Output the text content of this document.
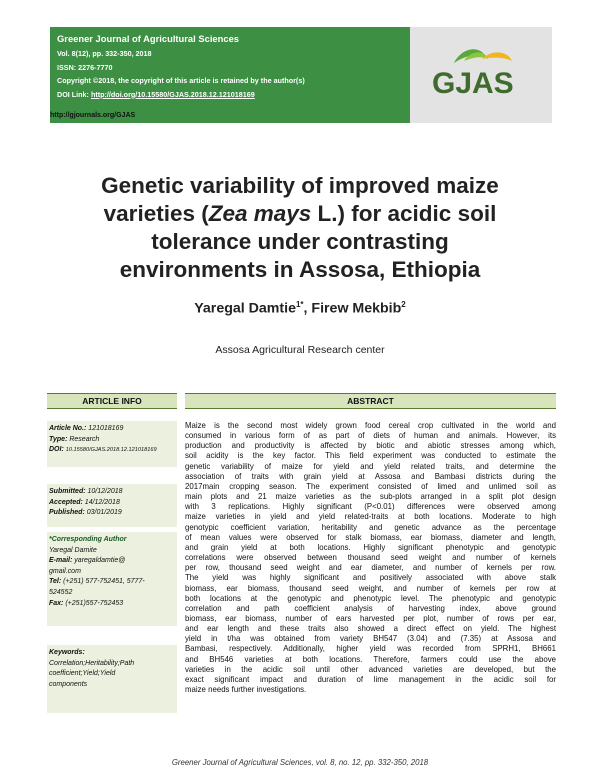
Greener Journal of Agricultural Sciences
Vol. 8(12), pp. 332-350, 2018
ISSN: 2276-7770
Copyright ©2018, the copyright of this article is retained by the author(s)
DOI Link: http://doi.org/10.15580/GJAS.2018.12.121018169	GJAS
http://gjournals.org/GJAS
Genetic variability of improved maize
varieties (Zea mays L.) for acidic soil
tolerance under contrasting
environments in Assosa, Ethiopia
Yaregal Damtie$^{1*}$, Firew Mekbib$^2$
Assosa Agricultural Research center
ARTICLE INFO	ABSTRACT
Article No.: 121018169
Type: Research
DOI: 10.15580/GJAS.2018.12.121018169
Submitted: 10/12/2018
Accepted: 14/12/2018
Published: 03/01/2019
*Corresponding Author
Yaregal Damite
E-mail: yaregaldamtie@
gmail.com
Tel: (+251) 577-752451, 5777-
524552
Fax: (+251)557-752453
Keywords:
Correlation;Heritability;Path
coefficient;Yield;Yield
components
Maize is the second most widely grown food cereal crop cultivated in the world and
consumed in various form of as part of diets of human and animals. However, its
production and productivity is affected by biotic and abiotic stresses among which,
soil acidity is the key factor. This field experiment was conducted to estimate the
genetic variability of maize for yield and yield related traits, and determine the
association of traits with grain yield at Assosa and Bambasi districts during the
2017main cropping season. The experiment consisted of limed and unlimed soil as
main plots and 21 maize varieties as the sub-plots arranged in a split plot design
with 3 replications. Highly significant (P<0.01) differences were observed among
maize varieties in yield and yield related-traits at both locations. Moderate to high
genotypic coefficient variation, heritability and genetic advance as the percentage
of mean values were observed for stalk biomass, ear biomass, diameter and length,
and grain yield at both locations. Highly significant phenotypic and genotypic
correlations were observed between thousand seed weight and number of kernels
per row, thousand seed weight and ear diameter, and number of kernels per row.
The yield was highly significant and positively associated with above stalk
biomass, ear biomass, thousand seed weight, and number of kernels per row at
both locations at the genotypic and phenotypic level. The phenotypic and genotypic
correlation and path coefficient analysis of harvesting index, above ground
biomass, ear biomass, number of ears harvested per plot, number of rows per ear,
and ear length and these traits also showed a direct effect on yield. The highest
yield in t/ha was obtained from variety BH547 (3.04) and (7.35) at Assosa and
Bambasi, respectively. Additionally, higher yield was recorded from SPRH1, BH661
and BH546 varieties at both locations. Therefore, farmers could use the above
varieties in the acidic soil until other advanced varieties are developed, but the
exact significant impact and duration of lime management in the acidic soil for
maize needs further investigations.
Greener Journal of Agricultural Sciences, vol. 8, no. 12, pp. 332-350, 2018
